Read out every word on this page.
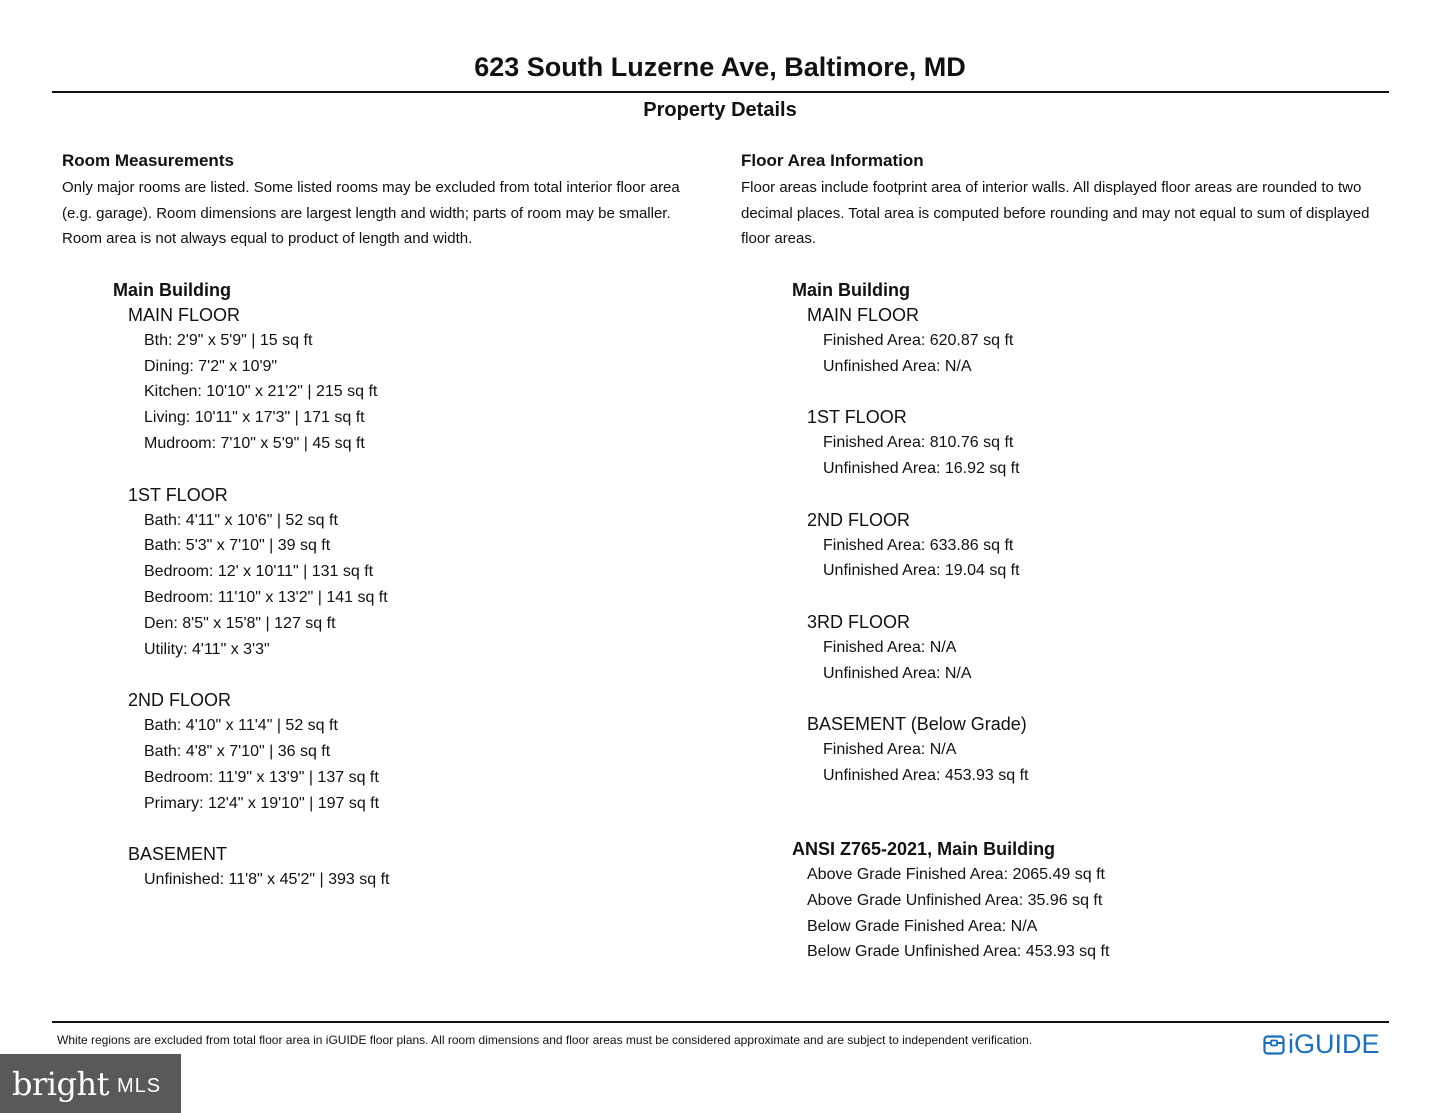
623 South Luzerne Ave, Baltimore, MD
Property Details
Room Measurements
Only major rooms are listed. Some listed rooms may be excluded from total interior floor area (e.g. garage). Room dimensions are largest length and width; parts of room may be smaller. Room area is not always equal to product of length and width.
Main Building
MAIN FLOOR
Bth: 2'9" x 5'9" | 15 sq ft
Dining: 7'2" x 10'9"
Kitchen: 10'10" x 21'2" | 215 sq ft
Living: 10'11" x 17'3" | 171 sq ft
Mudroom: 7'10" x 5'9" | 45 sq ft
1ST FLOOR
Bath: 4'11" x 10'6" | 52 sq ft
Bath: 5'3" x 7'10" | 39 sq ft
Bedroom: 12' x 10'11" | 131 sq ft
Bedroom: 11'10" x 13'2" | 141 sq ft
Den: 8'5" x 15'8" | 127 sq ft
Utility: 4'11" x 3'3"
2ND FLOOR
Bath: 4'10" x 11'4" | 52 sq ft
Bath: 4'8" x 7'10" | 36 sq ft
Bedroom: 11'9" x 13'9" | 137 sq ft
Primary: 12'4" x 19'10" | 197 sq ft
BASEMENT
Unfinished: 11'8" x 45'2" | 393 sq ft
Floor Area Information
Floor areas include footprint area of interior walls. All displayed floor areas are rounded to two decimal places. Total area is computed before rounding and may not equal to sum of displayed floor areas.
Main Building
MAIN FLOOR
Finished Area: 620.87 sq ft
Unfinished Area: N/A
1ST FLOOR
Finished Area: 810.76 sq ft
Unfinished Area: 16.92 sq ft
2ND FLOOR
Finished Area: 633.86 sq ft
Unfinished Area: 19.04 sq ft
3RD FLOOR
Finished Area: N/A
Unfinished Area: N/A
BASEMENT (Below Grade)
Finished Area: N/A
Unfinished Area: 453.93 sq ft
ANSI Z765-2021, Main Building
Above Grade Finished Area: 2065.49 sq ft
Above Grade Unfinished Area: 35.96 sq ft
Below Grade Finished Area: N/A
Below Grade Unfinished Area: 453.93 sq ft
White regions are excluded from total floor area in iGUIDE floor plans. All room dimensions and floor areas must be considered approximate and are subject to independent verification.	iGUIDE
bright MLS
